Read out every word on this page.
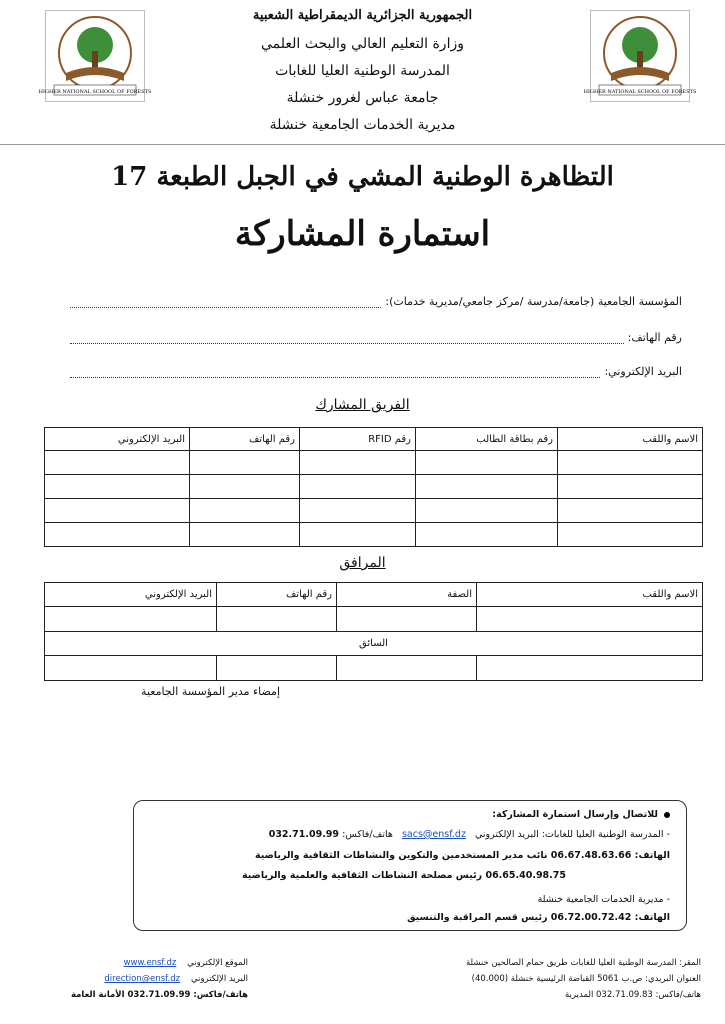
HIGHER NATIONAL SCHOOL OF FORESTS	HIGHER NATIONAL SCHOOL OF FORESTS
الجمهورية الجزائرية الديمقراطية الشعبية
وزارة التعليم العالي والبحث العلمي
المدرسة الوطنية العليا للغابات
جامعة عباس لغرور خنشلة
مديرية الخدمات الجامعية خنشلة
التظاهرة الوطنية المشي في الجبل الطبعة 17
استمارة المشاركة
المؤسسة الجامعية (جامعة/مدرسة /مركز جامعي/مديرية خدمات):
رقم الهاتف:
البريد الإلكتروني:
الفريق المشارك
الاسم واللقب	رقم بطاقة الطالب	رقم RFID	رقم الهاتف	البريد الإلكتروني

المرافق
الاسم واللقب	الصفة	رقم الهاتف	البريد الإلكتروني

السائق			

إمضاء مدير المؤسسة الجامعية
للاتصال وإرسال استمارة المشاركة:
- المدرسة الوطنية العليا للغابات: البريد الإلكتروني   sacs@ensf.dz   هاتف/فاكس: 032.71.09.99
الهاتف: 06.67.48.63.66 نائب مدير المستخدمين والتكوين والنشاطات الثقافية والرياضية
06.65.40.98.75 رئيس مصلحة النشاطات الثقافية والعلمية والرياضية
- مديرية الخدمات الجامعية خنشلة
الهاتف: 06.72.00.72.42 رئيس قسم المراقبة والتنسيق
المقر: المدرسة الوطنية العليا للغابات طريق حمام الصالحين خنشلة
العنوان البريدي: ص.ب 5061 القباضة الرئيسية خنشلة (40.000)
هاتف/فاكس: 032.71.09.83 المديرية
الموقع الإلكتروني    www.ensf.dz
البريد الإلكتروني    direction@ensf.dz
هاتف/فاكس: 032.71.09.99 الأمانة العامة
